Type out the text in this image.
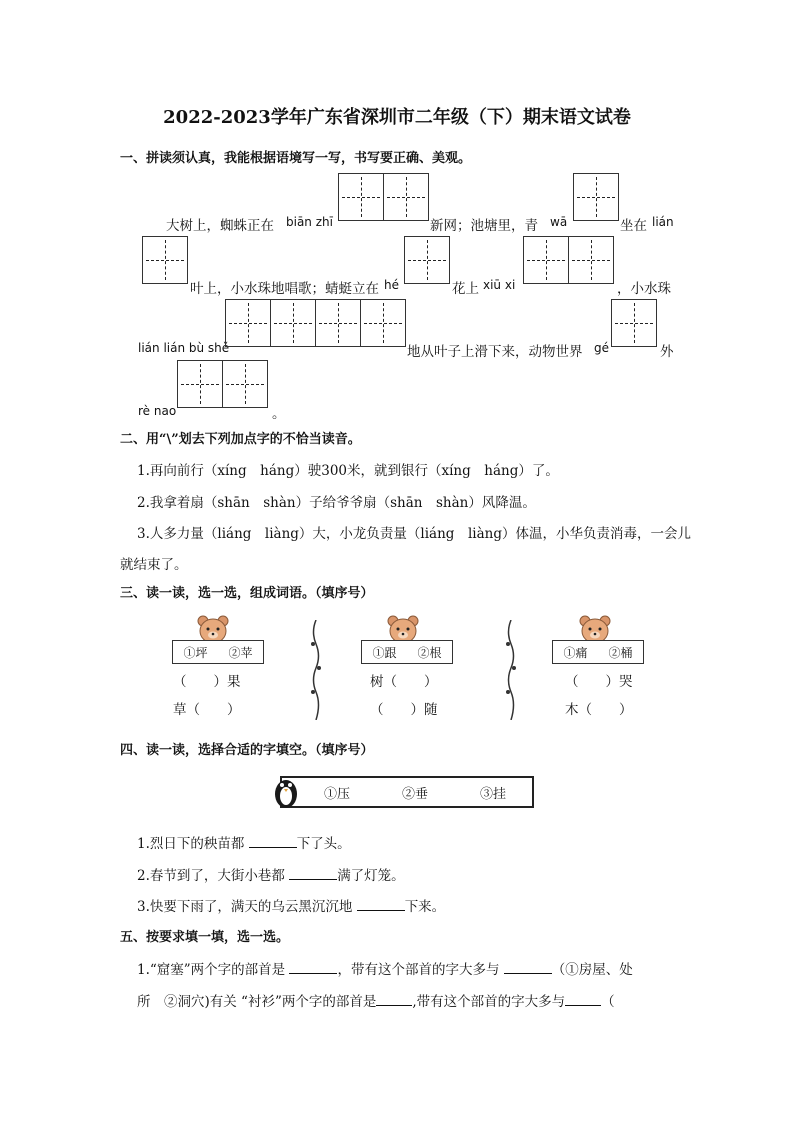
2022-2023学年广东省深圳市二年级（下）期末语文试卷
一、拼读须认真，我能根据语境写一写，书写要正确、美观。
大树上，蜘蛛正在 biān zhī	新网；池塘里，青 wā	坐在 lián
叶上，小水珠地唱歌；蜻蜓立在 hé	花上 xiū xi	，小水珠
lián lián bù shě	地从叶子上滑下来，动物世界 gé	外
rè nao	。
二、用“\”划去下列加点字的不恰当读音。
1.再向前行（xíng　háng）驶300米，就到银行（xíng　háng）了。
2.我拿着扇（shān　shàn）子给爷爷扇（shān　shàn）风降温。
3.人多力量（liáng　liàng）大，小龙负责量（liáng　liàng）体温，小华负责消毒，一会儿
就结束了。
三、读一读，选一选，组成词语。（填序号）
①坪 ②苹
（　　）果
草（　　）
①跟 ②根
树（　　）
（　　）随
①痛 ②桶
（　　）哭
木（　　）
四、读一读，选择合适的字填空。（填序号）
①压	②垂	③挂
1.烈日下的秧苗都	下了头。
2.春节到了，大街小巷都	满了灯笼。
3.快要下雨了，满天的乌云黑沉沉地	下来。
五、按要求填一填，选一选。
1.“窟塞”两个字的部首是	，带有这个部首的字大多与	（①房屋、处
所　②洞穴)有关 “衬衫”两个字的部首是	,带有这个部首的字大多与	（
